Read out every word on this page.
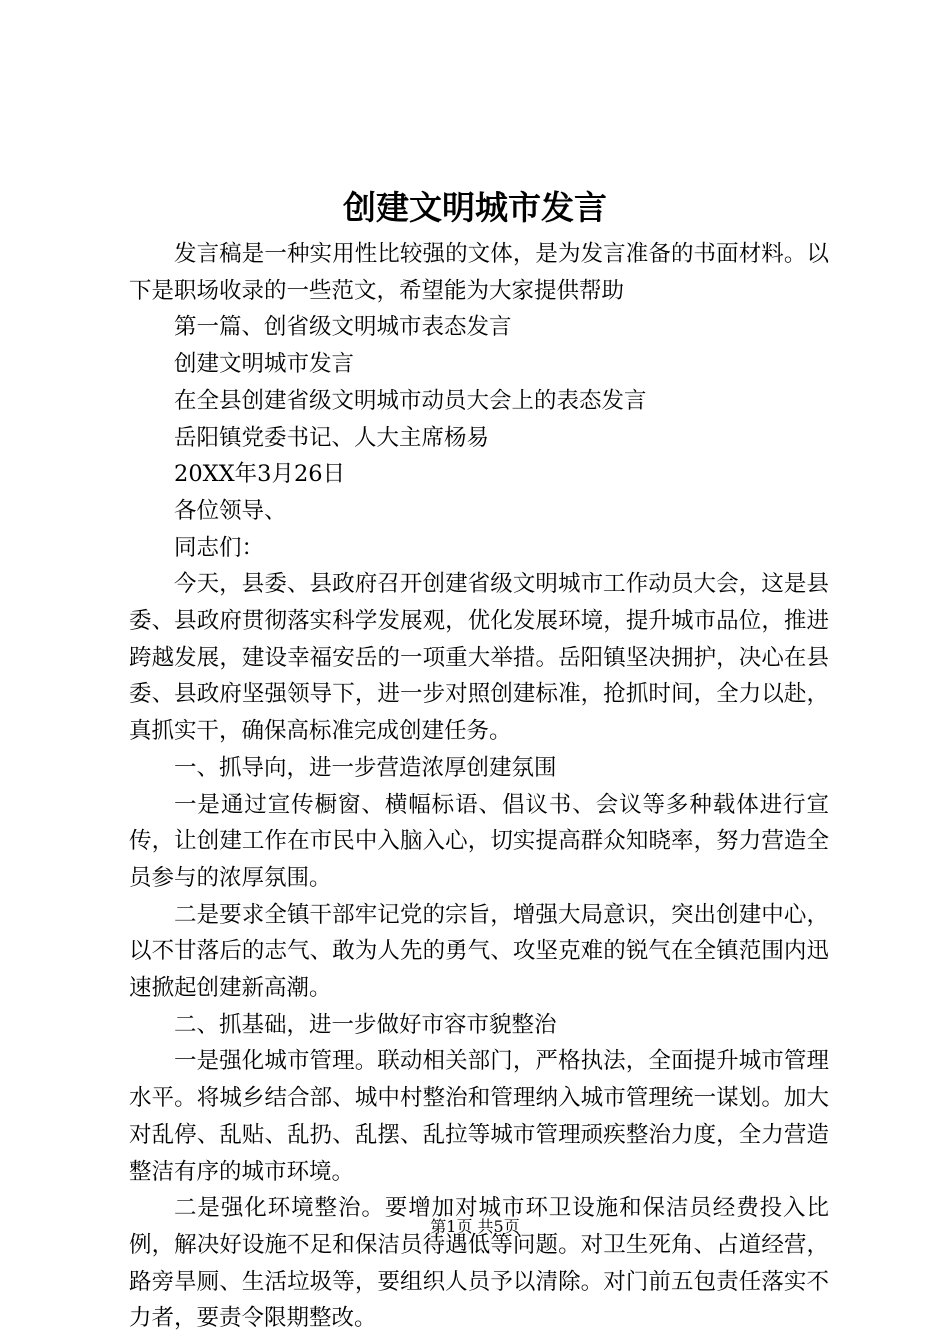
创建文明城市发言

发言稿是一种实用性比较强的文体，是为发言准备的书面材料。以下是职场收录的一些范文，希望能为大家提供帮助

第一篇、创省级文明城市表态发言

创建文明城市发言

在全县创建省级文明城市动员大会上的表态发言

岳阳镇党委书记、人大主席杨易

20XX年3月26日

各位领导、

同志们：

今天，县委、县政府召开创建省级文明城市工作动员大会，这是县委、县政府贯彻落实科学发展观，优化发展环境，提升城市品位，推进跨越发展，建设幸福安岳的一项重大举措。岳阳镇坚决拥护，决心在县委、县政府坚强领导下，进一步对照创建标准，抢抓时间，全力以赴，真抓实干，确保高标准完成创建任务。

一、抓导向，进一步营造浓厚创建氛围

一是通过宣传橱窗、横幅标语、倡议书、会议等多种载体进行宣传，让创建工作在市民中入脑入心，切实提高群众知晓率，努力营造全员参与的浓厚氛围。

二是要求全镇干部牢记党的宗旨，增强大局意识，突出创建中心，以不甘落后的志气、敢为人先的勇气、攻坚克难的锐气在全镇范围内迅速掀起创建新高潮。

二、抓基础，进一步做好市容市貌整治

一是强化城市管理。联动相关部门，严格执法，全面提升城市管理水平。将城乡结合部、城中村整治和管理纳入城市管理统一谋划。加大对乱停、乱贴、乱扔、乱摆、乱拉等城市管理顽疾整治力度，全力营造整洁有序的城市环境。

二是强化环境整治。要增加对城市环卫设施和保洁员经费投入比例，解决好设施不足和保洁员待遇低等问题。对卫生死角、占道经营，路旁旱厕、生活垃圾等，要组织人员予以清除。对门前五包责任落实不力者，要责令限期整改。

第1页 共5页
